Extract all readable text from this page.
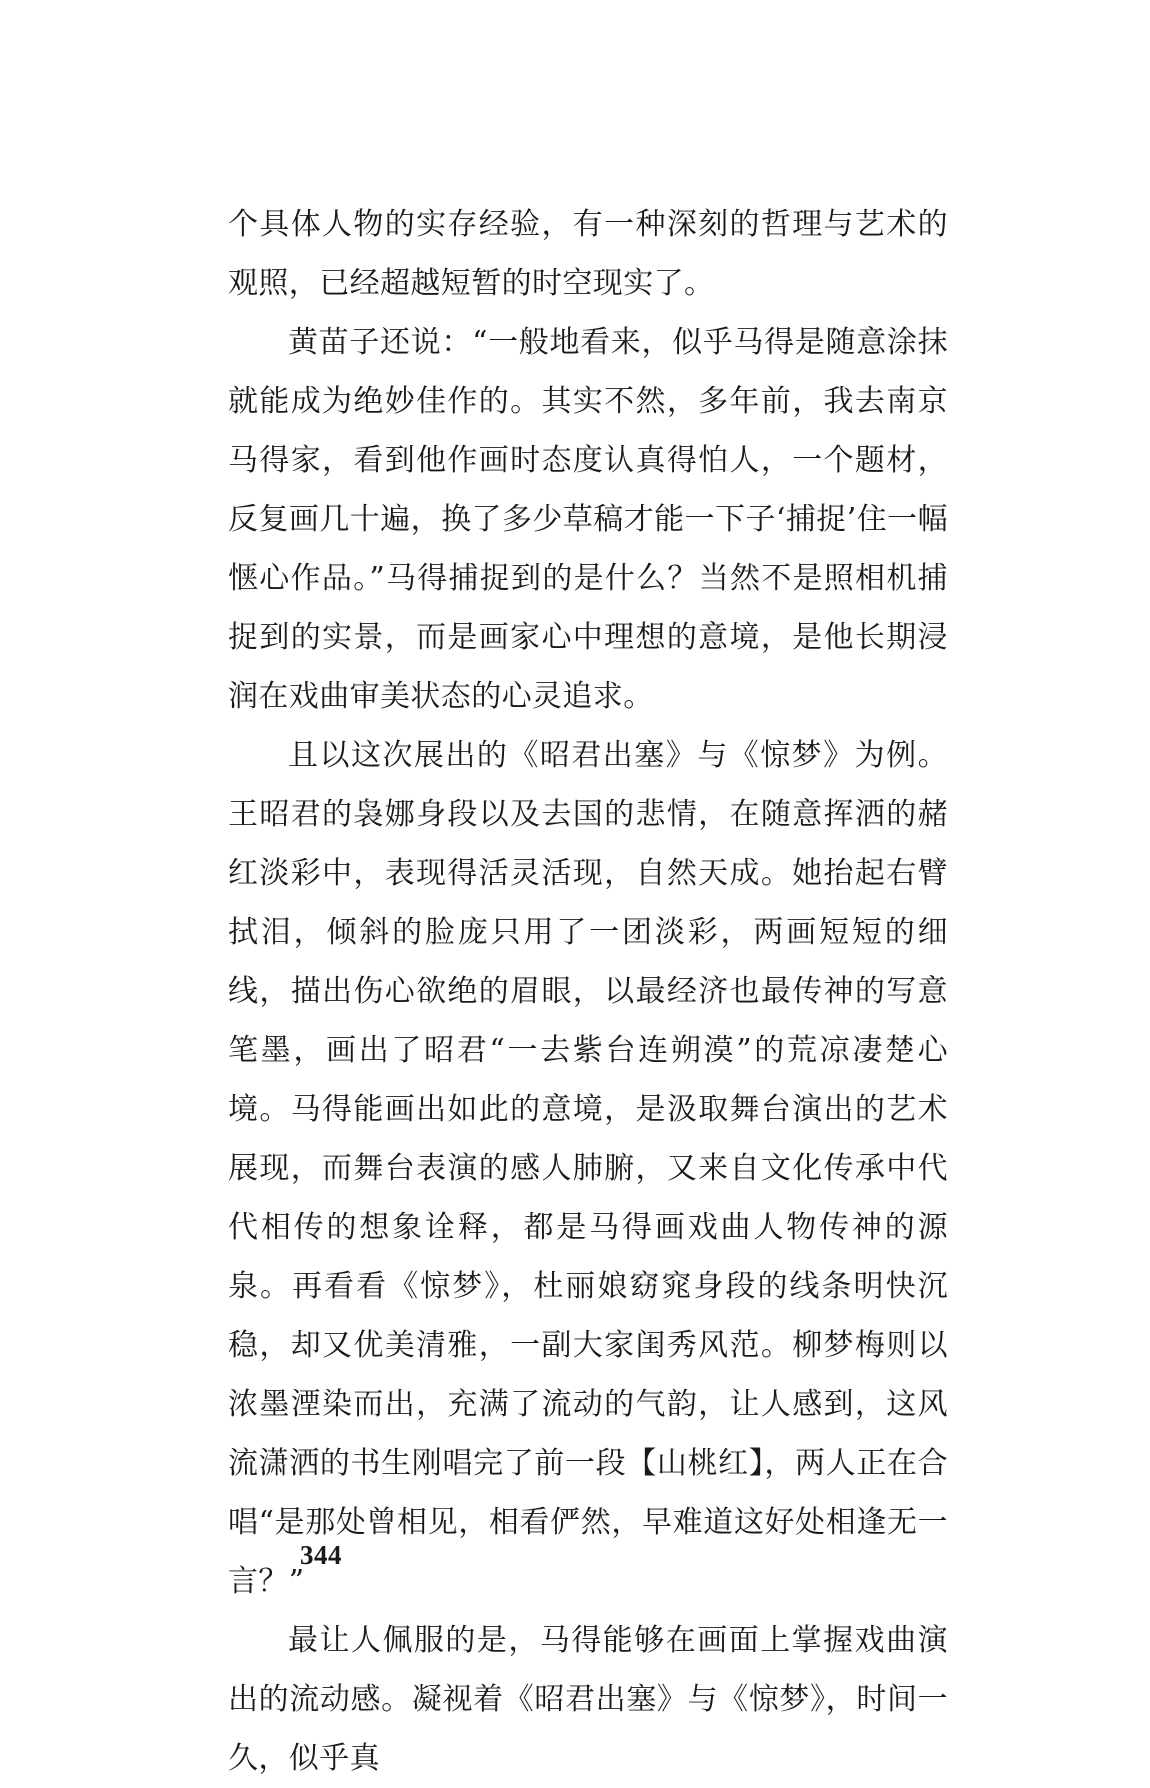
个具体人物的实存经验，有一种深刻的哲理与艺术的观照，已经超越短暂的时空现实了。

黄苗子还说：“一般地看来，似乎马得是随意涂抹就能成为绝妙佳作的。其实不然，多年前，我去南京马得家，看到他作画时态度认真得怕人，一个题材，反复画几十遍，换了多少草稿才能一下子‘捕捉’住一幅惬心作品。”马得捕捉到的是什么？当然不是照相机捕捉到的实景，而是画家心中理想的意境，是他长期浸润在戏曲审美状态的心灵追求。

且以这次展出的《昭君出塞》与《惊梦》为例。王昭君的袅娜身段以及去国的悲情，在随意挥洒的赭红淡彩中，表现得活灵活现，自然天成。她抬起右臂拭泪，倾斜的脸庞只用了一团淡彩，两画短短的细线，描出伤心欲绝的眉眼，以最经济也最传神的写意笔墨，画出了昭君“一去紫台连朔漠”的荒凉凄楚心境。马得能画出如此的意境，是汲取舞台演出的艺术展现，而舞台表演的感人肺腑，又来自文化传承中代代相传的想象诠释，都是马得画戏曲人物传神的源泉。再看看《惊梦》，杜丽娘窈窕身段的线条明快沉稳，却又优美清雅，一副大家闺秀风范。柳梦梅则以浓墨湮染而出，充满了流动的气韵，让人感到，这风流潇洒的书生刚唱完了前一段【山桃红】，两人正在合唱“是那处曾相见，相看俨然，早难道这好处相逢无一言？”

最让人佩服的是，马得能够在画面上掌握戏曲演出的流动感。凝视着《昭君出塞》与《惊梦》，时间一久，似乎真

344
